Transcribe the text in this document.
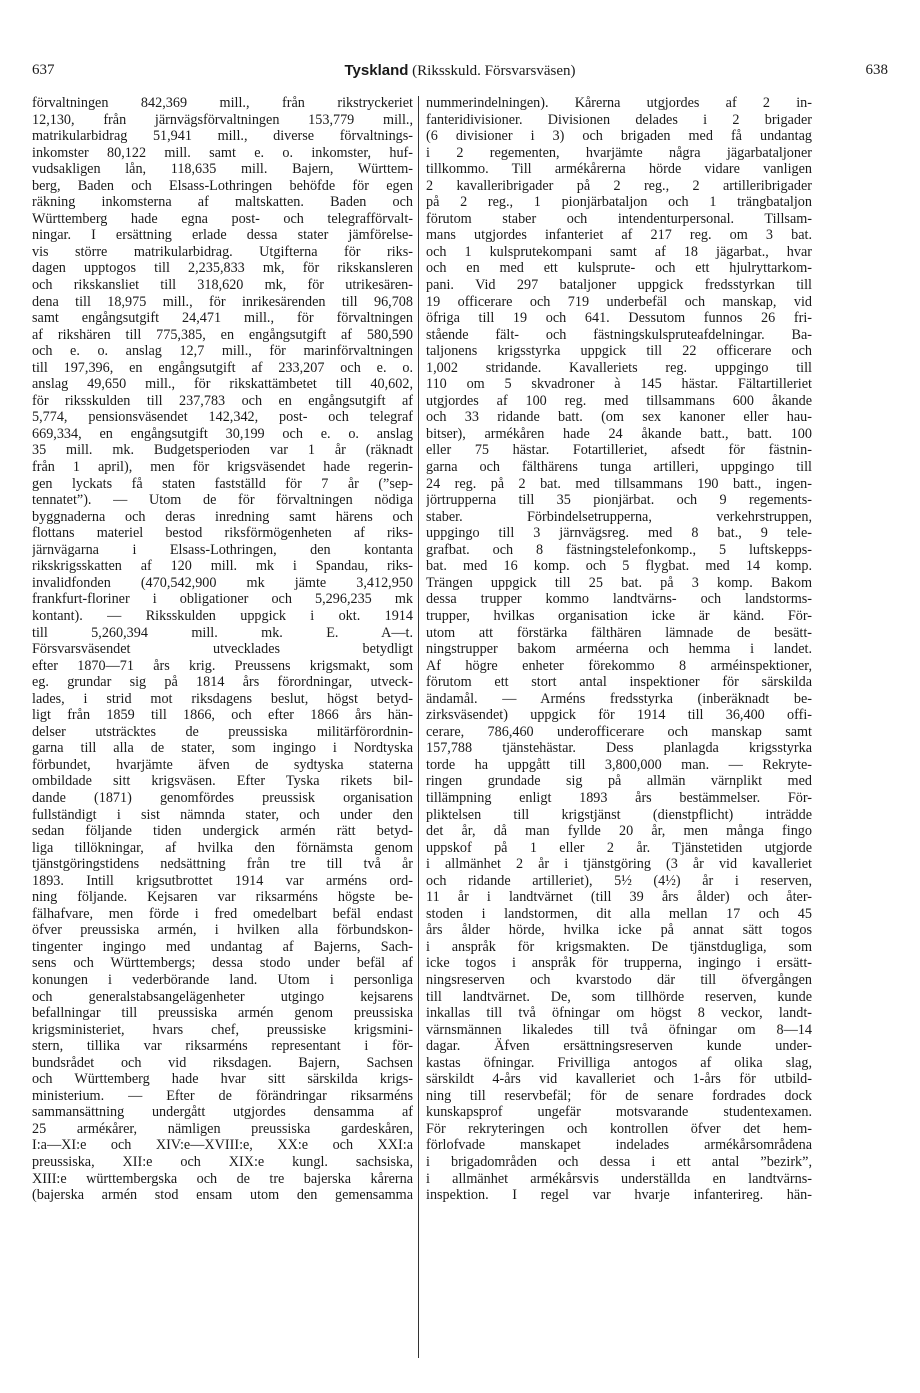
637	Tyskland (Riksskuld. Försvarsväsen)	638
förvaltningen 842,369 mill., från rikstryckeriet
12,130, från järnvägsförvaltningen 153,779 mill.,
matrikularbidrag 51,941 mill., diverse förvaltnings-
inkomster 80,122 mill. samt e. o. inkomster, huf-
vudsakligen lån, 118,635 mill. Bajern, Württem-
berg, Baden och Elsass-Lothringen behöfde för egen
räkning inkomsterna af maltskatten. Baden och
Württemberg hade egna post- och telegrafförvalt-
ningar. I ersättning erlade dessa stater jämförelse-
vis större matrikularbidrag. Utgifterna för riks-
dagen upptogos till 2,235,833 mk, för rikskansleren
och rikskansliet till 318,620 mk, för utrikesären-
dena till 18,975 mill., för inrikesärenden till 96,708
samt engångsutgift 24,471 mill., för förvaltningen
af rikshären till 775,385, en engångsutgift af 580,590
och e. o. anslag 12,7 mill., för marinförvaltningen
till 197,396, en engångsutgift af 233,207 och e. o.
anslag 49,650 mill., för rikskattämbetet till 40,602,
för riksskulden till 237,783 och en engångsutgift af
5,774, pensionsväsendet 142,342, post- och telegraf
669,334, en engångsutgift 30,199 och e. o. anslag
35 mill. mk. Budgetsperioden var 1 år (räknadt
från 1 april), men för krigsväsendet hade regerin-
gen lyckats få staten fastställd för 7 år (”sep-
tennatet”). — Utom de för förvaltningen nödiga
byggnaderna och deras inredning samt härens och
flottans materiel bestod riksförmögenheten af riks-
järnvägarna i Elsass-Lothringen, den kontanta
rikskrigsskatten af 120 mill. mk i Spandau, riks-
invalidfonden (470,542,900 mk jämte 3,412,950
frankfurt-floriner i obligationer och 5,296,235 mk
kontant). — Riksskulden uppgick i okt. 1914
till 5,260,394 mill. mk. E. A—t.
Försvarsväsendet utvecklades betydligt
efter 1870—71 års krig. Preussens krigsmakt, som
eg. grundar sig på 1814 års förordningar, utveck-
lades, i strid mot riksdagens beslut, högst betyd-
ligt från 1859 till 1866, och efter 1866 års hän-
delser utsträcktes de preussiska militärförordnin-
garna till alla de stater, som ingingo i Nordtyska
förbundet, hvarjämte äfven de sydtyska staterna
ombildade sitt krigsväsen. Efter Tyska rikets bil-
dande (1871) genomfördes preussisk organisation
fullständigt i sist nämnda stater, och under den
sedan följande tiden undergick armén rätt betyd-
liga tillökningar, af hvilka den förnämsta genom
tjänstgöringstidens nedsättning från tre till två år
1893. Intill krigsutbrottet 1914 var arméns ord-
ning följande. Kejsaren var riksarméns högste be-
fälhafvare, men förde i fred omedelbart befäl endast
öfver preussiska armén, i hvilken alla förbundskon-
tingenter ingingo med undantag af Bajerns, Sach-
sens och Württembergs; dessa stodo under befäl af
konungen i vederbörande land. Utom i personliga
och generalstabsangelägenheter utgingo kejsarens
befallningar till preussiska armén genom preussiska
krigsministeriet, hvars chef, preussiske krigsmini-
stern, tillika var riksarméns representant i för-
bundsrådet och vid riksdagen. Bajern, Sachsen
och Württemberg hade hvar sitt särskilda krigs-
ministerium. — Efter de förändringar riksarméns
sammansättning undergått utgjordes densamma af
25 arméкårer, nämligen preussiska gardeskåren,
I:a—XI:e och XIV:e—XVIII:e, XX:e och XXI:a
preussiska, XII:e och XIX:e kungl. sachsiska,
XIII:e württembergska och de tre bajerska kårerna
(bajerska armén stod ensam utom den gemensamma
nummerindelningen). Kårerna utgjordes af 2 in-
fanteridivisioner. Divisionen delades i 2 brigader
(6 divisioner i 3) och brigaden med få undantag
i 2 regementen, hvarjämte några jägarbataljoner
tillkommo. Till armékårerna hörde vidare vanligen
2 kavalleribrigader på 2 reg., 2 artilleribrigader
på 2 reg., 1 pionjärbataljon och 1 trängbataljon
förutom staber och intendenturpersonal. Tillsam-
mans utgjordes infanteriet af 217 reg. om 3 bat.
och 1 kulsprutekompani samt af 18 jägarbat., hvar
och en med ett kulsprute- och ett hjulryttarkom-
pani. Vid 297 bataljoner uppgick fredsstyrkan till
19 officerare och 719 underbefäl och manskap, vid
öfriga till 19 och 641. Dessutom funnos 26 fri-
stående fält- och fästningskulspruteafdelningar. Ba-
taljonens krigsstyrka uppgick till 22 officerare och
1,002 stridande. Kavalleriets reg. uppgingo till
110 om 5 skvadroner à 145 hästar. Fältartilleriet
utgjordes af 100 reg. med tillsammans 600 åkande
och 33 ridande batt. (om sex kanoner eller hau-
bitser), armékåren hade 24 åkande batt., batt. 100
eller 75 hästar. Fotartilleriet, afsedt för fästnin-
garna och fälthärens tunga artilleri, uppgingo till
24 reg. på 2 bat. med tillsammans 190 batt., ingen-
jörtrupperna till 35 pionjärbat. och 9 regements-
staber. Förbindelsetrupperna, verkehrstruppen,
uppgingo till 3 järnvägsreg. med 8 bat., 9 tele-
grafbat. och 8 fästningstelefonkomp., 5 luftskepps-
bat. med 16 komp. och 5 flygbat. med 14 komp.
Trängen uppgick till 25 bat. på 3 komp. Bakom
dessa trupper kommo landtvärns- och landstorms-
trupper, hvilkas organisation icke är känd. För-
utom att förstärka fälthären lämnade de besätt-
ningstrupper bakom arméerna och hemma i landet.
Af högre enheter förekommo 8 arméinspektioner,
förutom ett stort antal inspektioner för särskilda
ändamål. — Arméns fredsstyrka (inberäknadt be-
zirksväsendet) uppgick för 1914 till 36,400 offi-
cerare, 786,460 underofficerare och manskap samt
157,788 tjänstehästar. Dess planlagda krigsstyrka
torde ha uppgått till 3,800,000 man. — Rekryte-
ringen grundade sig på allmän värnplikt med
tillämpning enligt 1893 års bestämmelser. För-
pliktelsen till krigstjänst (dienstpflicht) inträdde
det år, då man fyllde 20 år, men många fingo
uppskof på 1 eller 2 år. Tjänstetiden utgjorde
i allmänhet 2 år i tjänstgöring (3 år vid kavalleriet
och ridande artilleriet), 5½ (4½) år i reserven,
11 år i landtvärnet (till 39 års ålder) och åter-
stoden i landstormen, dit alla mellan 17 och 45
års ålder hörde, hvilka icke på annat sätt togos
i anspråk för krigsmakten. De tjänstdugliga, som
icke togos i anspråk för trupperna, ingingo i ersätt-
ningsreserven och kvarstodo där till öfvergången
till landtvärnet. De, som tillhörde reserven, kunde
inkallas till två öfningar om högst 8 veckor, landt-
värnsmännen likaledes till två öfningar om 8—14
dagar. Äfven ersättningsreserven kunde under-
kastas öfningar. Frivilliga antogos af olika slag,
särskildt 4-års vid kavalleriet och 1-års för utbild-
ning till reservbefäl; för de senare fordrades dock
kunskapsprof ungefär motsvarande studentexamen.
För rekryteringen och kontrollen öfver det hem-
förlofvade manskapet indelades armékårsområdena
i brigadområden och dessa i ett antal ”bezirk”,
i allmänhet armékårsvis underställda en landtvärns-
inspektion. I regel var hvarje infanterireg. hän-
